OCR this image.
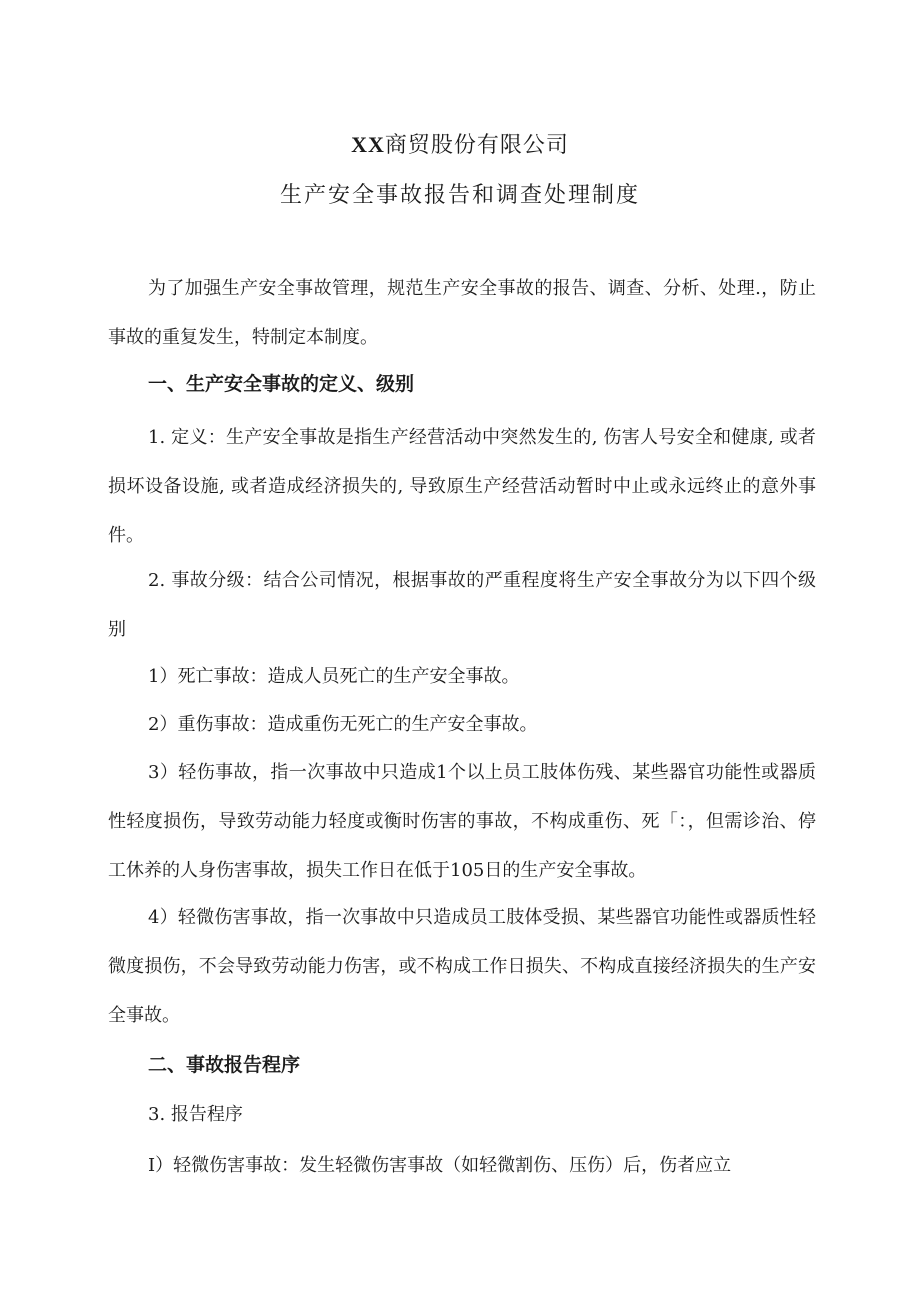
XX商贸股份有限公司
生产安全事故报告和调查处理制度

为了加强生产安全事故管理，规范生产安全事故的报告、调查、分析、处理.，防止事故的重复发生，特制定本制度。

一、生产安全事故的定义、级别

1. 定义：生产安全事故是指生产经营活动中突然发生的, 伤害人号安全和健康, 或者损坏设备设施, 或者造成经济损失的, 导致原生产经营活动暂时中止或永远终止的意外事件。

2. 事故分级：结合公司情况，根据事故的严重程度将生产安全事故分为以下四个级别

1）死亡事故：造成人员死亡的生产安全事故。

2）重伤事故：造成重伤无死亡的生产安全事故。

3）轻伤事故，指一次事故中只造成1个以上员工肢体伤残、某些器官功能性或器质性轻度损伤，导致劳动能力轻度或衡时伤害的事故，不构成重伤、死「：，但需诊治、停工休养的人身伤害事故，损失工作日在低于105日的生产安全事故。

4）轻微伤害事故，指一次事故中只造成员工肢体受损、某些器官功能性或器质性轻微度损伤，不会导致劳动能力伤害，或不构成工作日损失、不构成直接经济损失的生产安全事故。

二、事故报告程序

3. 报告程序

I）轻微伤害事故：发生轻微伤害事故（如轻微割伤、压伤）后，伤者应立
